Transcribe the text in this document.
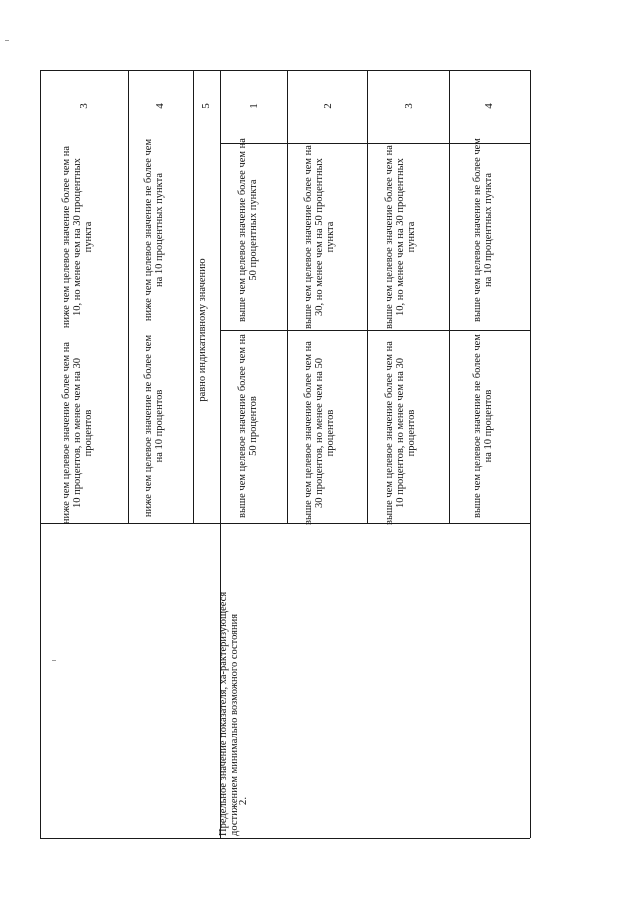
2.
Предельное значение показателя, ха-рактеризующееся достижением минимально возможного состояния
3
ниже чем целевое значение более чем на 10 процентов, но менее чем на 30 процентов
ниже чем целевое значение более чем на 10, но менее чем на 30 процентных пункта
4
ниже чем целевое значение не более чем на 10 процентов
ниже чем целевое значение не более чем на 10 процентных пункта
5
равно индикативному значению
1
выше чем целевое значение более чем на 50 процентов
выше чем целевое значение более чем на 50 процентных пункта
2
выше чем целевое значение более чем на 30 процентов, но менее чем на 50 процентов
выше чем целевое значение более чем на 30, но менее чем на 50 процентных пункта
3
выше чем целевое значение более чем на 10 процентов, но менее чем на 30 процентов
выше чем целевое значение более чем на 10, но менее чем на 30 процентных пункта
4
выше чем целевое значение не более чем на 10 процентов
выше чем целевое значение не более чем на 10 процентных пункта
